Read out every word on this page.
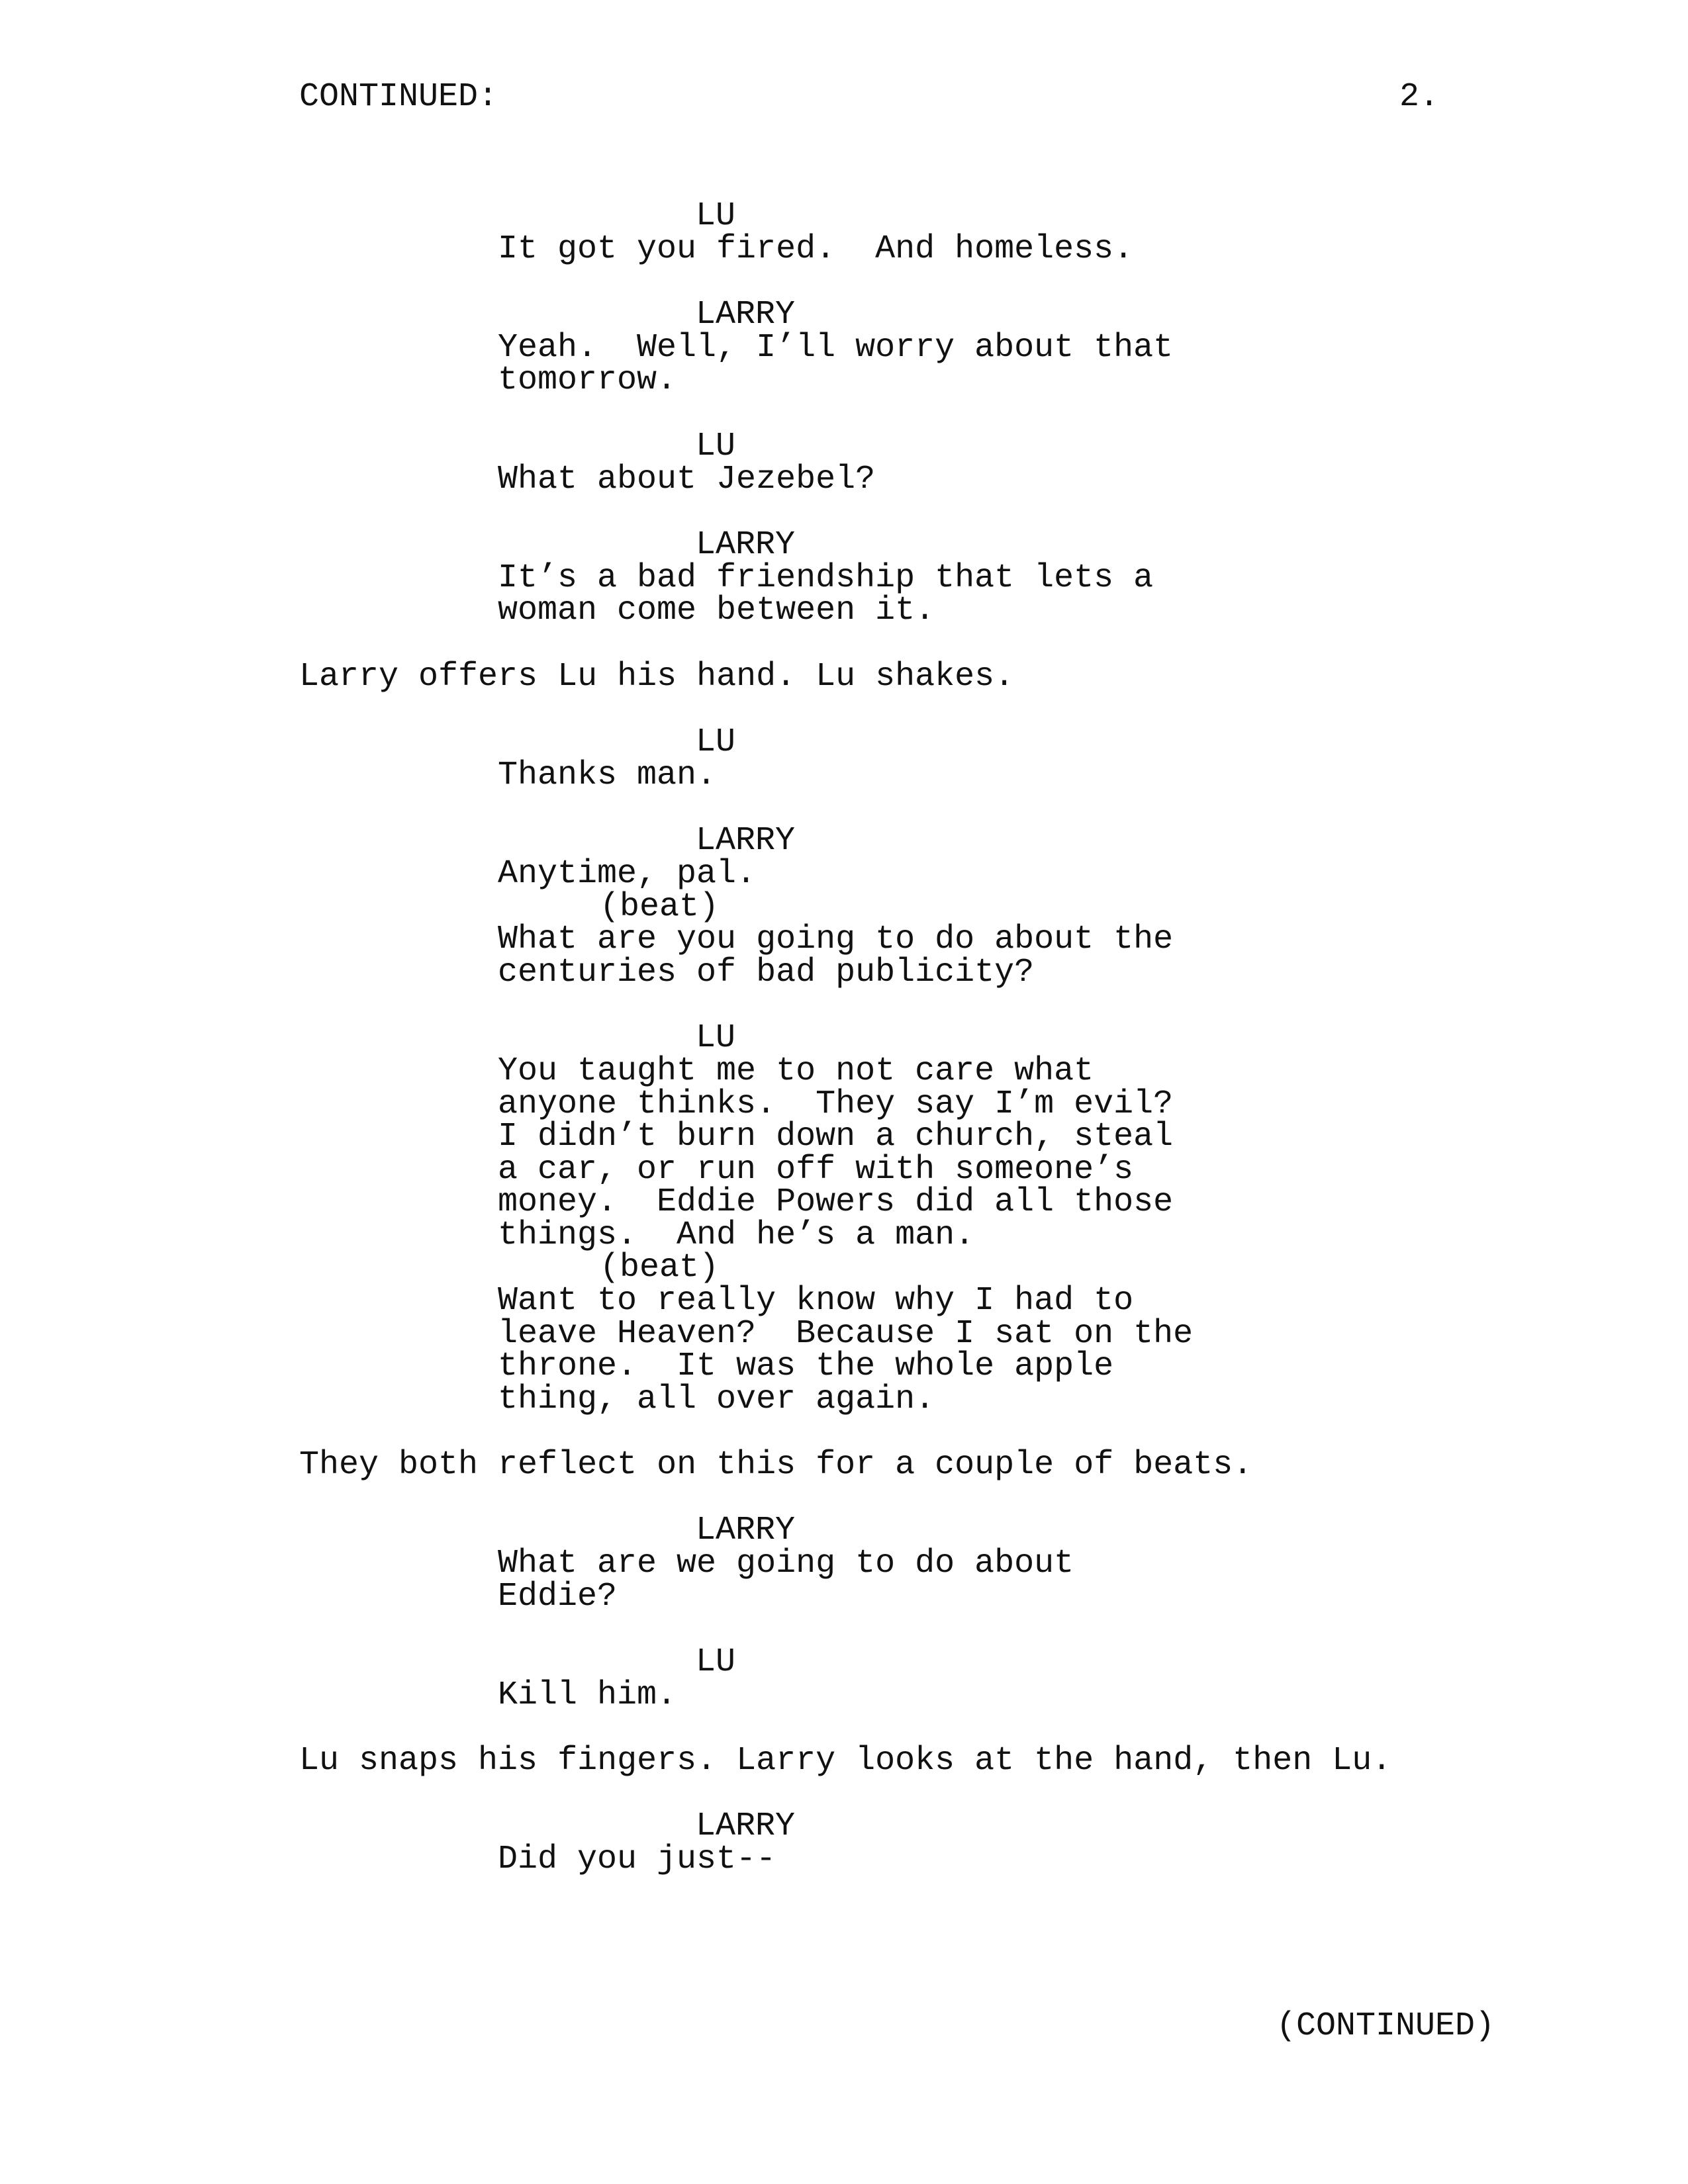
CONTINUED:	2.

LU

It got you fired.  And homeless.

LARRY

Yeah.  Well, I’ll worry about that

tomorrow.

LU

What about Jezebel?

LARRY

It’s a bad friendship that lets a

woman come between it.

Larry offers Lu his hand. Lu shakes.

LU

Thanks man.

LARRY

Anytime, pal.

(beat)

What are you going to do about the

centuries of bad publicity?

LU

You taught me to not care what

anyone thinks.  They say I’m evil?

I didn’t burn down a church, steal

a car, or run off with someone’s

money.  Eddie Powers did all those

things.  And he’s a man.

(beat)

Want to really know why I had to

leave Heaven?  Because I sat on the

throne.  It was the whole apple

thing, all over again.

They both reflect on this for a couple of beats.

LARRY

What are we going to do about

Eddie?

LU

Kill him.

Lu snaps his fingers. Larry looks at the hand, then Lu.

LARRY

Did you just--

(CONTINUED)
